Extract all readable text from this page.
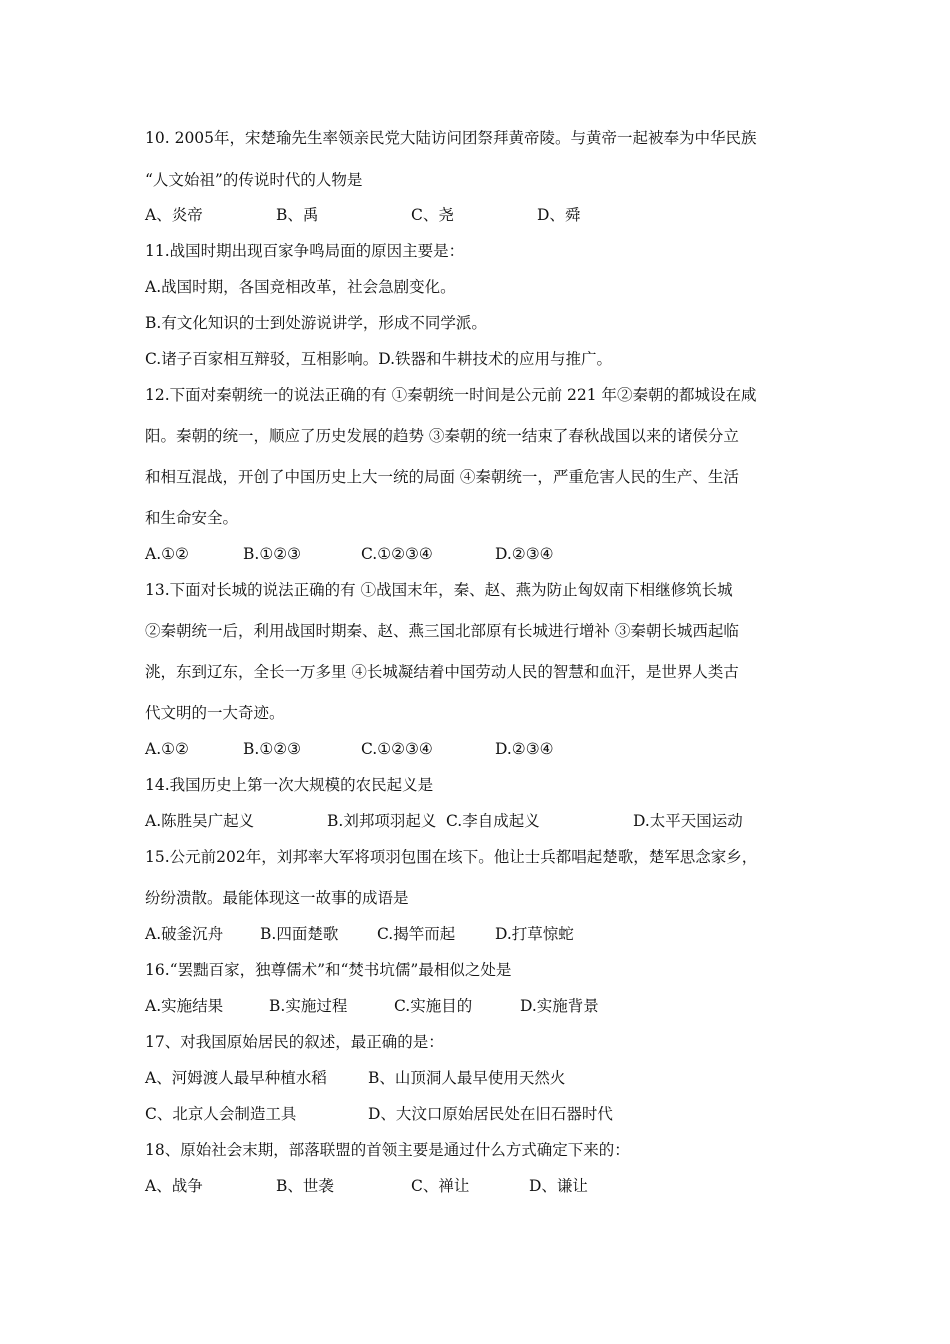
10. 2005年，宋楚瑜先生率领亲民党大陆访问团祭拜黄帝陵。与黄帝一起被奉为中华民族
“人文始祖”的传说时代的人物是
A、炎帝	B、禹	C、尧	D、舜
11.战国时期出现百家争鸣局面的原因主要是：
A.战国时期，各国竞相改革，社会急剧变化。
B.有文化知识的士到处游说讲学，形成不同学派。
C.诸子百家相互辩驳，互相影响。D.铁器和牛耕技术的应用与推广。
12.下面对秦朝统一的说法正确的有 ①秦朝统一时间是公元前 221 年②秦朝的都城设在咸
阳。秦朝的统一，顺应了历史发展的趋势 ③秦朝的统一结束了春秋战国以来的诸侯分立
和相互混战，开创了中国历史上大一统的局面 ④秦朝统一，严重危害人民的生产、生活
和生命安全。
A.①②	B.①②③	C.①②③④	D.②③④
13.下面对长城的说法正确的有 ①战国末年，秦、赵、燕为防止匈奴南下相继修筑长城
②秦朝统一后，利用战国时期秦、赵、燕三国北部原有长城进行增补 ③秦朝长城西起临
洮，东到辽东，全长一万多里 ④长城凝结着中国劳动人民的智慧和血汗，是世界人类古
代文明的一大奇迹。
A.①②	B.①②③	C.①②③④	D.②③④
14.我国历史上第一次大规模的农民起义是
A.陈胜吴广起义	B.刘邦项羽起义 C.李自成起义	D.太平天国运动
15.公元前202年，刘邦率大军将项羽包围在垓下。他让士兵都唱起楚歌，楚军思念家乡，
纷纷溃散。最能体现这一故事的成语是
A.破釜沉舟 B.四面楚歌 C.揭竿而起	D.打草惊蛇
16.“罢黜百家，独尊儒术”和“焚书坑儒”最相似之处是
A.实施结果	B.实施过程	C.实施目的	D.实施背景
17、对我国原始居民的叙述，最正确的是：
A、河姆渡人最早种植水稻	B、山顶洞人最早使用天然火
C、北京人会制造工具	D、大汶口原始居民处在旧石器时代
18、原始社会末期，部落联盟的首领主要是通过什么方式确定下来的：
A、战争	B、世袭	C、禅让	D、谦让
